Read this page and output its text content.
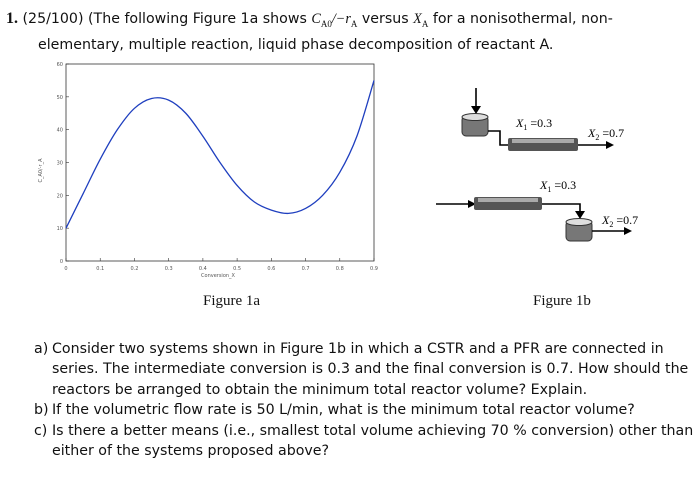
1. (25/100) (The following Figure 1a shows $C_{A0}/-r_A$ versus $X_A$ for a nonisothermal, non-
elementary, multiple reaction, liquid phase decomposition of reactant A.
0	0.1	0.2	0.3	0.4	0.5	0.6	0.7	0.8	0.9
0
10
20
30
40
50
60
Conversion_X
C_A0/-r_A
$X_1 =0.3$
$X_2 =0.7$
$X_1 =0.3$
$X_2 =0.7$
Figure 1a	Figure 1b
a) Consider two systems shown in Figure 1b in which a CSTR and a PFR are connected in series. The intermediate conversion is 0.3 and the final conversion is 0.7. How should the reactors be arranged to obtain the minimum total reactor volume? Explain.
b) If the volumetric flow rate is 50 L/min, what is the minimum total reactor volume?
c) Is there a better means (i.e., smallest total volume achieving 70 % conversion) other than either of the systems proposed above?
